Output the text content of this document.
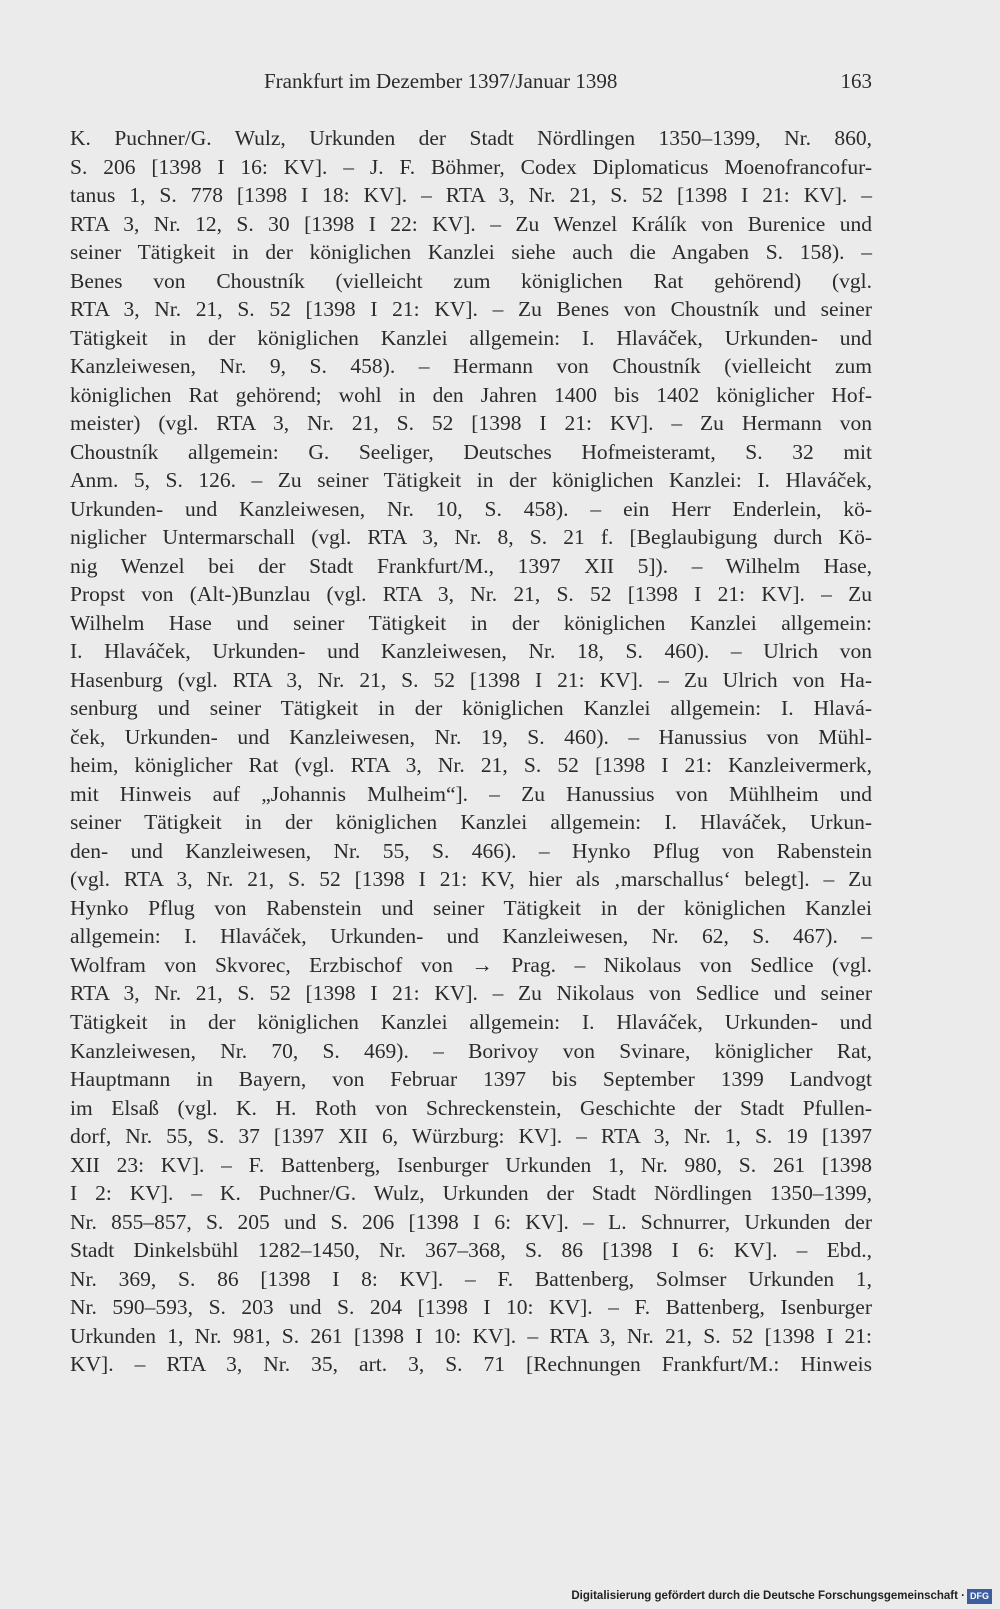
Frankfurt im Dezember 1397/Januar 1398	163
K. Puchner/G. Wulz, Urkunden der Stadt Nördlingen 1350–1399, Nr. 860,
S. 206 [1398 I 16: KV]. – J. F. Böhmer, Codex Diplomaticus Moenofrancofur-
tanus 1, S. 778 [1398 I 18: KV]. – RTA 3, Nr. 21, S. 52 [1398 I 21: KV]. –
RTA 3, Nr. 12, S. 30 [1398 I 22: KV]. – Zu Wenzel Králík von Burenice und
seiner Tätigkeit in der königlichen Kanzlei siehe auch die Angaben S. 158). –
Benes von Choustník (vielleicht zum königlichen Rat gehörend) (vgl.
RTA 3, Nr. 21, S. 52 [1398 I 21: KV]. – Zu Benes von Choustník und seiner
Tätigkeit in der königlichen Kanzlei allgemein: I. Hlaváček, Urkunden- und
Kanzleiwesen, Nr. 9, S. 458). – Hermann von Choustník (vielleicht zum
königlichen Rat gehörend; wohl in den Jahren 1400 bis 1402 königlicher Hof-
meister) (vgl. RTA 3, Nr. 21, S. 52 [1398 I 21: KV]. – Zu Hermann von
Choustník allgemein: G. Seeliger, Deutsches Hofmeisteramt, S. 32 mit
Anm. 5, S. 126. – Zu seiner Tätigkeit in der königlichen Kanzlei: I. Hlaváček,
Urkunden- und Kanzleiwesen, Nr. 10, S. 458). – ein Herr Enderlein, kö-
niglicher Untermarschall (vgl. RTA 3, Nr. 8, S. 21 f. [Beglaubigung durch Kö-
nig Wenzel bei der Stadt Frankfurt/M., 1397 XII 5]). – Wilhelm Hase,
Propst von (Alt-)Bunzlau (vgl. RTA 3, Nr. 21, S. 52 [1398 I 21: KV]. – Zu
Wilhelm Hase und seiner Tätigkeit in der königlichen Kanzlei allgemein:
I. Hlaváček, Urkunden- und Kanzleiwesen, Nr. 18, S. 460). – Ulrich von
Hasenburg (vgl. RTA 3, Nr. 21, S. 52 [1398 I 21: KV]. – Zu Ulrich von Ha-
senburg und seiner Tätigkeit in der königlichen Kanzlei allgemein: I. Hlavá-
ček, Urkunden- und Kanzleiwesen, Nr. 19, S. 460). – Hanussius von Mühl-
heim, königlicher Rat (vgl. RTA 3, Nr. 21, S. 52 [1398 I 21: Kanzleivermerk,
mit Hinweis auf „Johannis Mulheim“]. – Zu Hanussius von Mühlheim und
seiner Tätigkeit in der königlichen Kanzlei allgemein: I. Hlaváček, Urkun-
den- und Kanzleiwesen, Nr. 55, S. 466). – Hynko Pflug von Rabenstein
(vgl. RTA 3, Nr. 21, S. 52 [1398 I 21: KV, hier als ‚marschallus‘ belegt]. – Zu
Hynko Pflug von Rabenstein und seiner Tätigkeit in der königlichen Kanzlei
allgemein: I. Hlaváček, Urkunden- und Kanzleiwesen, Nr. 62, S. 467). –
Wolfram von Skvorec, Erzbischof von → Prag. – Nikolaus von Sedlice (vgl.
RTA 3, Nr. 21, S. 52 [1398 I 21: KV]. – Zu Nikolaus von Sedlice und seiner
Tätigkeit in der königlichen Kanzlei allgemein: I. Hlaváček, Urkunden- und
Kanzleiwesen, Nr. 70, S. 469). – Borivoy von Svinare, königlicher Rat,
Hauptmann in Bayern, von Februar 1397 bis September 1399 Landvogt
im Elsaß (vgl. K. H. Roth von Schreckenstein, Geschichte der Stadt Pfullen-
dorf, Nr. 55, S. 37 [1397 XII 6, Würzburg: KV]. – RTA 3, Nr. 1, S. 19 [1397
XII 23: KV]. – F. Battenberg, Isenburger Urkunden 1, Nr. 980, S. 261 [1398
I 2: KV]. – K. Puchner/G. Wulz, Urkunden der Stadt Nördlingen 1350–1399,
Nr. 855–857, S. 205 und S. 206 [1398 I 6: KV]. – L. Schnurrer, Urkunden der
Stadt Dinkelsbühl 1282–1450, Nr. 367–368, S. 86 [1398 I 6: KV]. – Ebd.,
Nr. 369, S. 86 [1398 I 8: KV]. – F. Battenberg, Solmser Urkunden 1,
Nr. 590–593, S. 203 und S. 204 [1398 I 10: KV]. – F. Battenberg, Isenburger
Urkunden 1, Nr. 981, S. 261 [1398 I 10: KV]. – RTA 3, Nr. 21, S. 52 [1398 I 21:
KV]. – RTA 3, Nr. 35, art. 3, S. 71 [Rechnungen Frankfurt/M.: Hinweis
Digitalisierung gefördert durch die Deutsche Forschungsgemeinschaft · DFG
